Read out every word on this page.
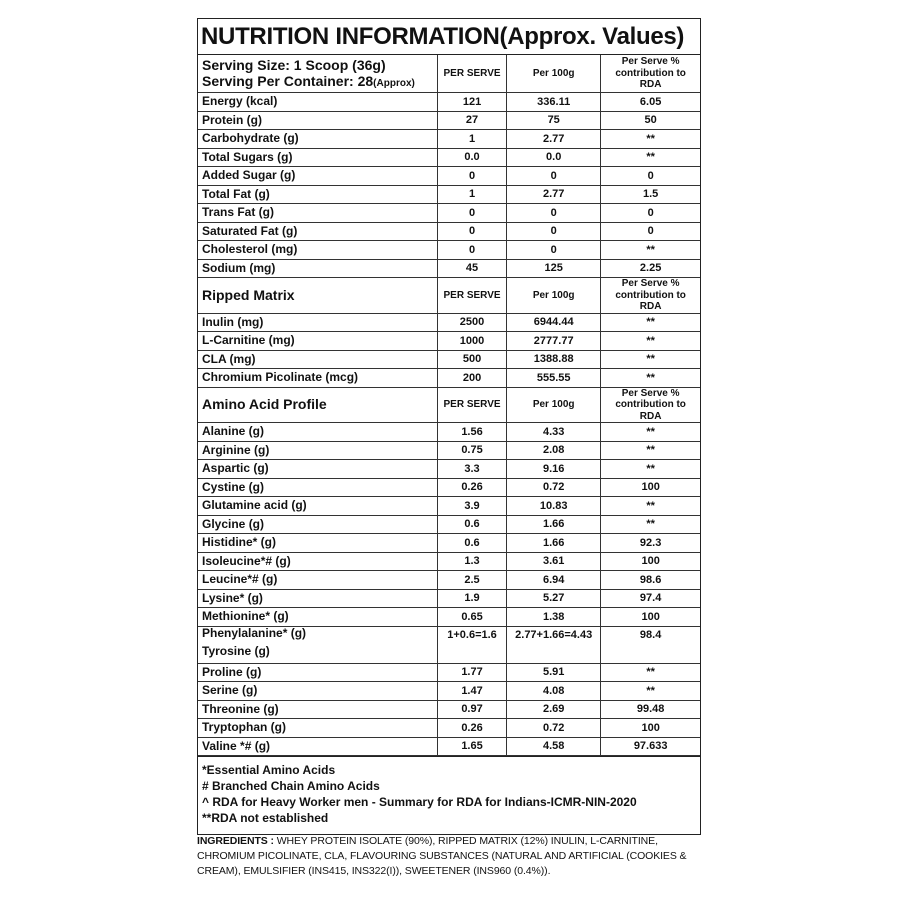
NUTRITION INFORMATION(Approx. Values)
Serving Size: 1 Scoop (36g)
Serving Per Container: 28(Approx)	PER SERVE	Per 100g	Per Serve % contribution to RDA
Energy (kcal)	121	336.11	6.05
Protein (g)	27	75	50
Carbohydrate (g)	1	2.77	**
Total Sugars (g)	0.0	0.0	**
Added Sugar (g)	0	0	0
Total Fat (g)	1	2.77	1.5
Trans Fat (g)	0	0	0
Saturated Fat (g)	0	0	0
Cholesterol (mg)	0	0	**
Sodium (mg)	45	125	2.25
Ripped Matrix	PER SERVE	Per 100g	Per Serve % contribution to RDA
Inulin (mg)	2500	6944.44	**
L-Carnitine (mg)	1000	2777.77	**
CLA (mg)	500	1388.88	**
Chromium Picolinate (mcg)	200	555.55	**
Amino Acid Profile	PER SERVE	Per 100g	Per Serve % contribution to RDA
Alanine (g)	1.56	4.33	**
Arginine (g)	0.75	2.08	**
Aspartic (g)	3.3	9.16	**
Cystine (g)	0.26	0.72	100
Glutamine acid (g)	3.9	10.83	**
Glycine (g)	0.6	1.66	**
Histidine* (g)	0.6	1.66	92.3
Isoleucine*# (g)	1.3	3.61	100
Leucine*# (g)	2.5	6.94	98.6
Lysine* (g)	1.9	5.27	97.4
Methionine* (g)	0.65	1.38	100

Phenylalanine* (g)
Tyrosine (g)	1+0.6=1.6	2.77+1.66=4.43	98.4
Proline (g)	1.77	5.91	**
Serine (g)	1.47	4.08	**
Threonine (g)	0.97	2.69	99.48
Tryptophan (g)	0.26	0.72	100
Valine *# (g)	1.65	4.58	97.633
*Essential Amino Acids
# Branched Chain Amino Acids
^ RDA for Heavy Worker men - Summary for RDA for Indians-ICMR-NIN-2020
**RDA not established
INGREDIENTS : WHEY PROTEIN ISOLATE (90%), RIPPED MATRIX (12%) INULIN, L-CARNITINE, CHROMIUM PICOLINATE, CLA, FLAVOURING SUBSTANCES (NATURAL AND ARTIFICIAL (COOKIES & CREAM), EMULSIFIER (INS415, INS322(I)), SWEETENER (INS960 (0.4%)).
